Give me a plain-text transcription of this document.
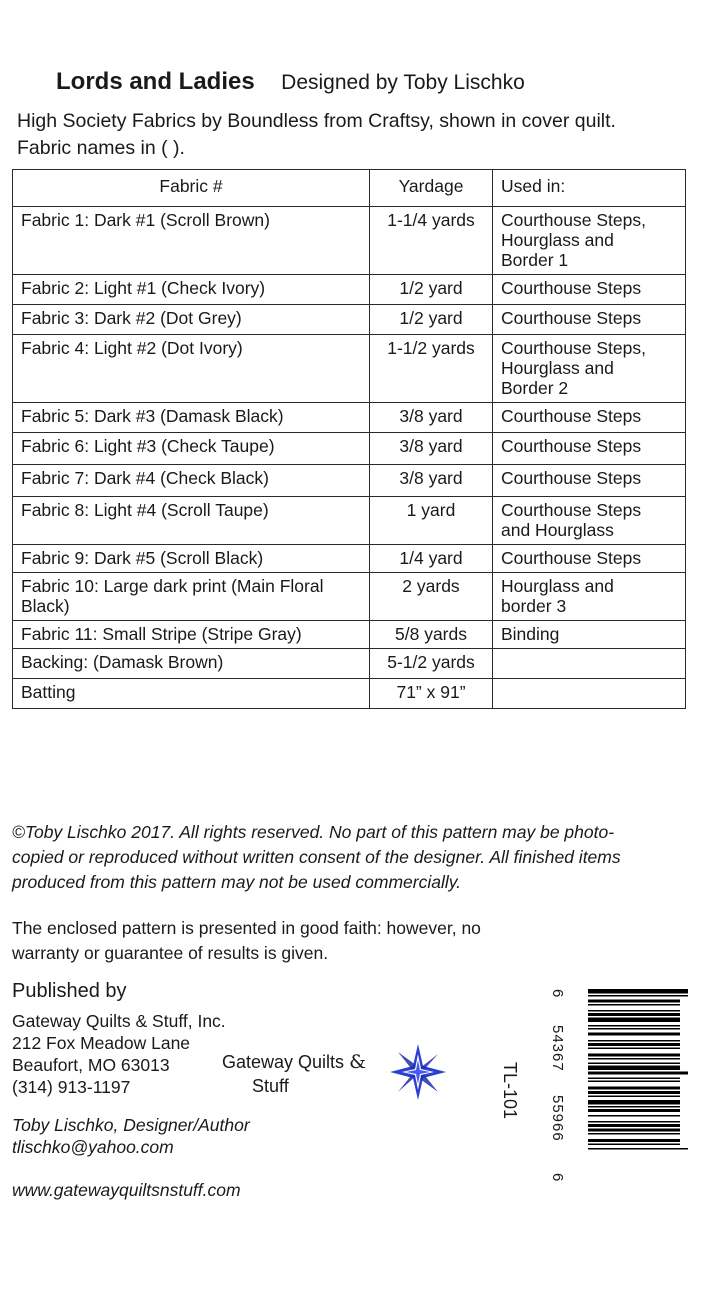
Lords and Ladies Designed by Toby Lischko
High Society Fabrics by Boundless from Craftsy, shown in cover quilt.
Fabric names in ( ).
Fabric #	Yardage	Used in:
Fabric 1: Dark #1 (Scroll Brown)	1-1/4 yards	Courthouse Steps,
Hourglass and
Border 1

Fabric 2: Light #1 (Check Ivory)	1/2 yard	Courthouse Steps

Fabric 3: Dark #2 (Dot Grey)	1/2 yard	Courthouse Steps

Fabric 4: Light #2 (Dot Ivory)	1-1/2 yards	Courthouse Steps,
Hourglass and
Border 2

Fabric 5: Dark #3 (Damask Black)	3/8 yard	Courthouse Steps

Fabric 6: Light #3 (Check Taupe)	3/8 yard	Courthouse Steps

Fabric 7: Dark #4 (Check Black)	3/8 yard	Courthouse Steps

Fabric 8: Light #4 (Scroll Taupe)	1 yard	Courthouse Steps
and Hourglass

Fabric 9: Dark #5 (Scroll Black)	1/4 yard	Courthouse Steps

Fabric 10: Large dark print (Main Floral Black)	2 yards	Hourglass and
border 3

Fabric 11: Small Stripe (Stripe Gray)	5/8 yards	Binding

Backing: (Damask Brown)	5-1/2 yards	

Batting	71” x 91”	

©Toby Lischko 2017. All rights reserved. No part of this pattern may be photo-
copied or reproduced without written consent of the designer. All finished items
produced from this pattern may not be used commercially.
The enclosed pattern is presented in good faith: however, no
warranty or guarantee of results is given.
Published by
Gateway Quilts & Stuff, Inc.
212 Fox Meadow Lane
Beaufort, MO 63013
(314) 913-1197
Gateway Quilts &
Stuff	TL-101
Toby Lischko, Designer/Author
tlischko@yahoo.com
www.gatewayquiltsnstuff.com
6
54367
55966
6
